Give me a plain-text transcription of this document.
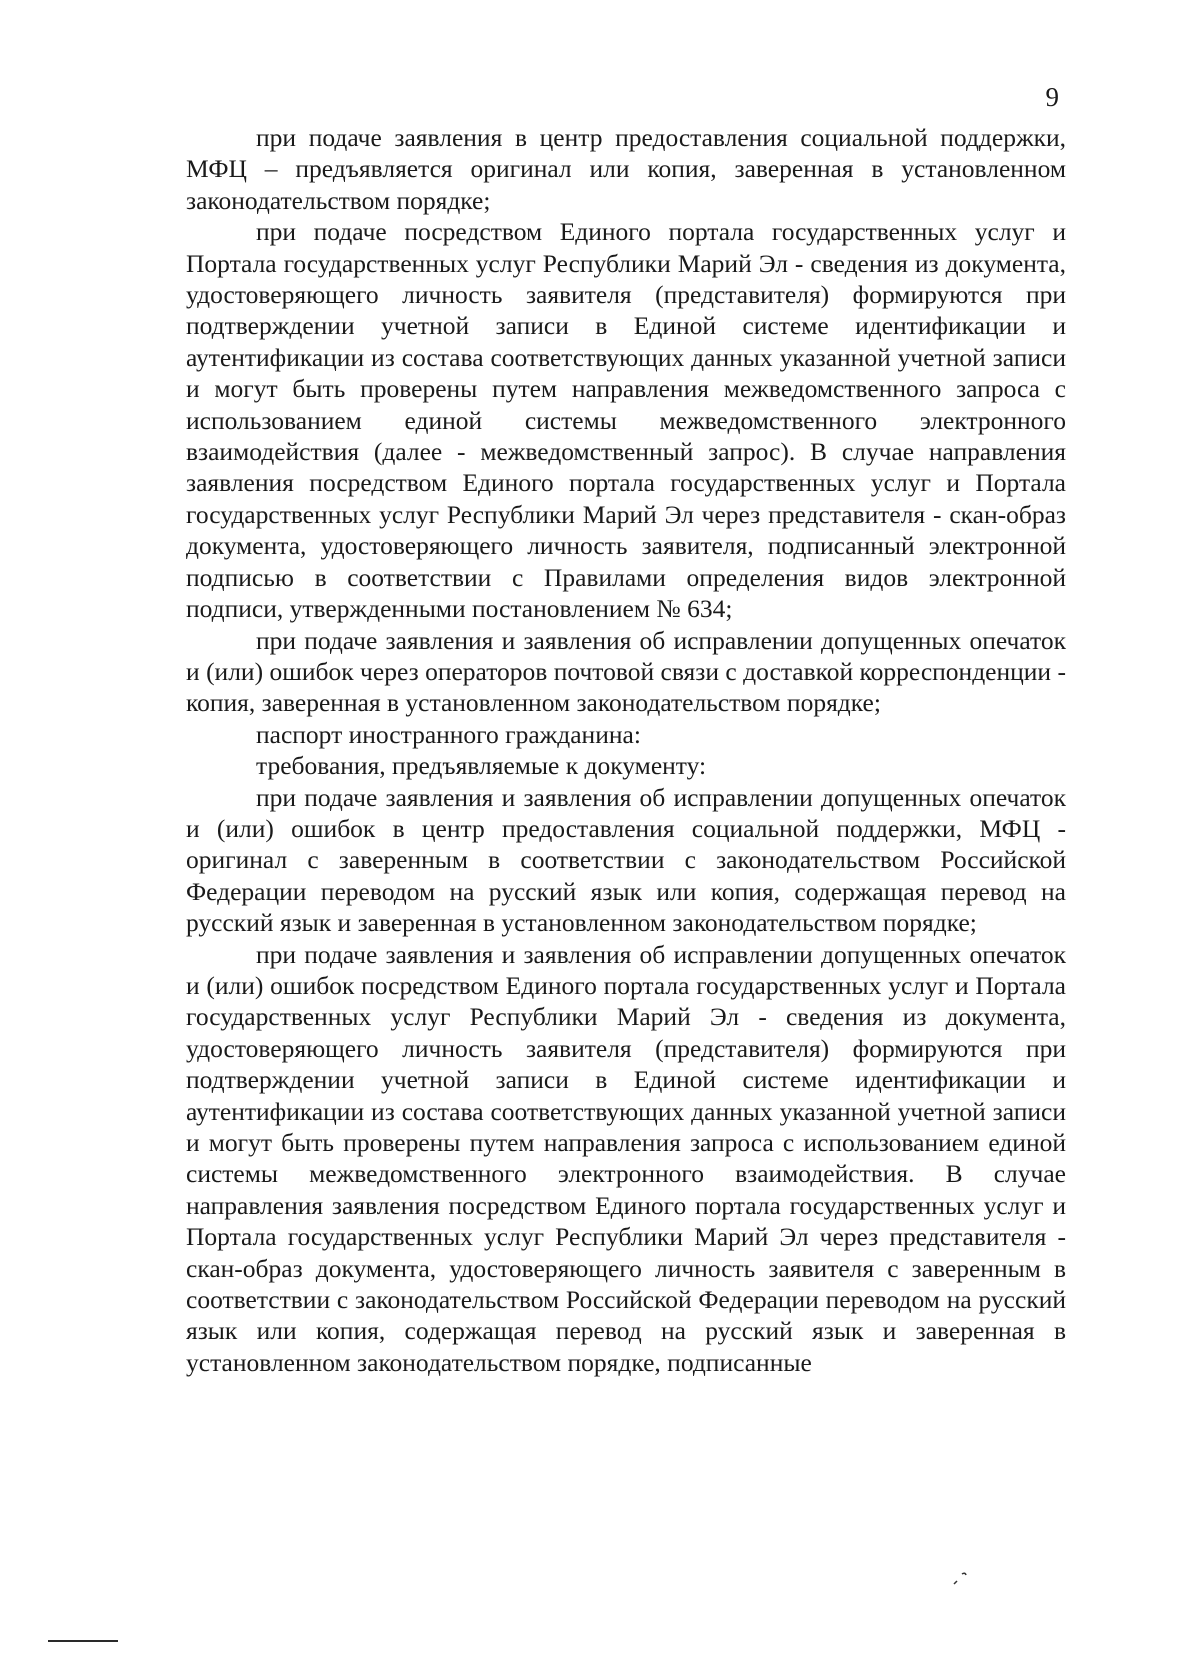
9

при подаче заявления в центр предоставления социальной поддержки, МФЦ – предъявляется оригинал или копия, заверенная в установленном законодательством порядке;

при подаче посредством Единого портала государственных услуг и Портала государственных услуг Республики Марий Эл - сведения из документа, удостоверяющего личность заявителя (представителя) формируются при подтверждении учетной записи в Единой системе идентификации и аутентификации из состава соответствующих данных указанной учетной записи и могут быть проверены путем направления межведомственного запроса с использованием единой системы межведомственного электронного взаимодействия (далее - межведомственный запрос). В случае направления заявления посредством Единого портала государственных услуг и Портала государственных услуг Республики Марий Эл через представителя - скан-образ документа, удостоверяющего личность заявителя, подписанный электронной подписью в соответствии с Правилами определения видов электронной подписи, утвержденными постановлением № 634;

при подаче заявления и заявления об исправлении допущенных опечаток и (или) ошибок через операторов почтовой связи с доставкой корреспонденции - копия, заверенная в установленном законодательством порядке;

паспорт иностранного гражданина:

требования, предъявляемые к документу:

при подаче заявления и заявления об исправлении допущенных опечаток и (или) ошибок в центр предоставления социальной поддержки, МФЦ - оригинал с заверенным в соответствии с законодательством Российской Федерации переводом на русский язык или копия, содержащая перевод на русский язык и заверенная в установленном законодательством порядке;

при подаче заявления и заявления об исправлении допущенных опечаток и (или) ошибок посредством Единого портала государственных услуг и Портала государственных услуг Республики Марий Эл - сведения из документа, удостоверяющего личность заявителя (представителя) формируются при подтверждении учетной записи в Единой системе идентификации и аутентификации из состава соответствующих данных указанной учетной записи и могут быть проверены путем направления запроса с использованием единой системы межведомственного электронного взаимодействия. В случае направления заявления посредством Единого портала государственных услуг и Портала государственных услуг Республики Марий Эл через представителя - скан-образ документа, удостоверяющего личность заявителя с заверенным в соответствии с законодательством Российской Федерации переводом на русский язык или копия, содержащая перевод на русский язык и заверенная в установленном законодательством порядке, подписанные
